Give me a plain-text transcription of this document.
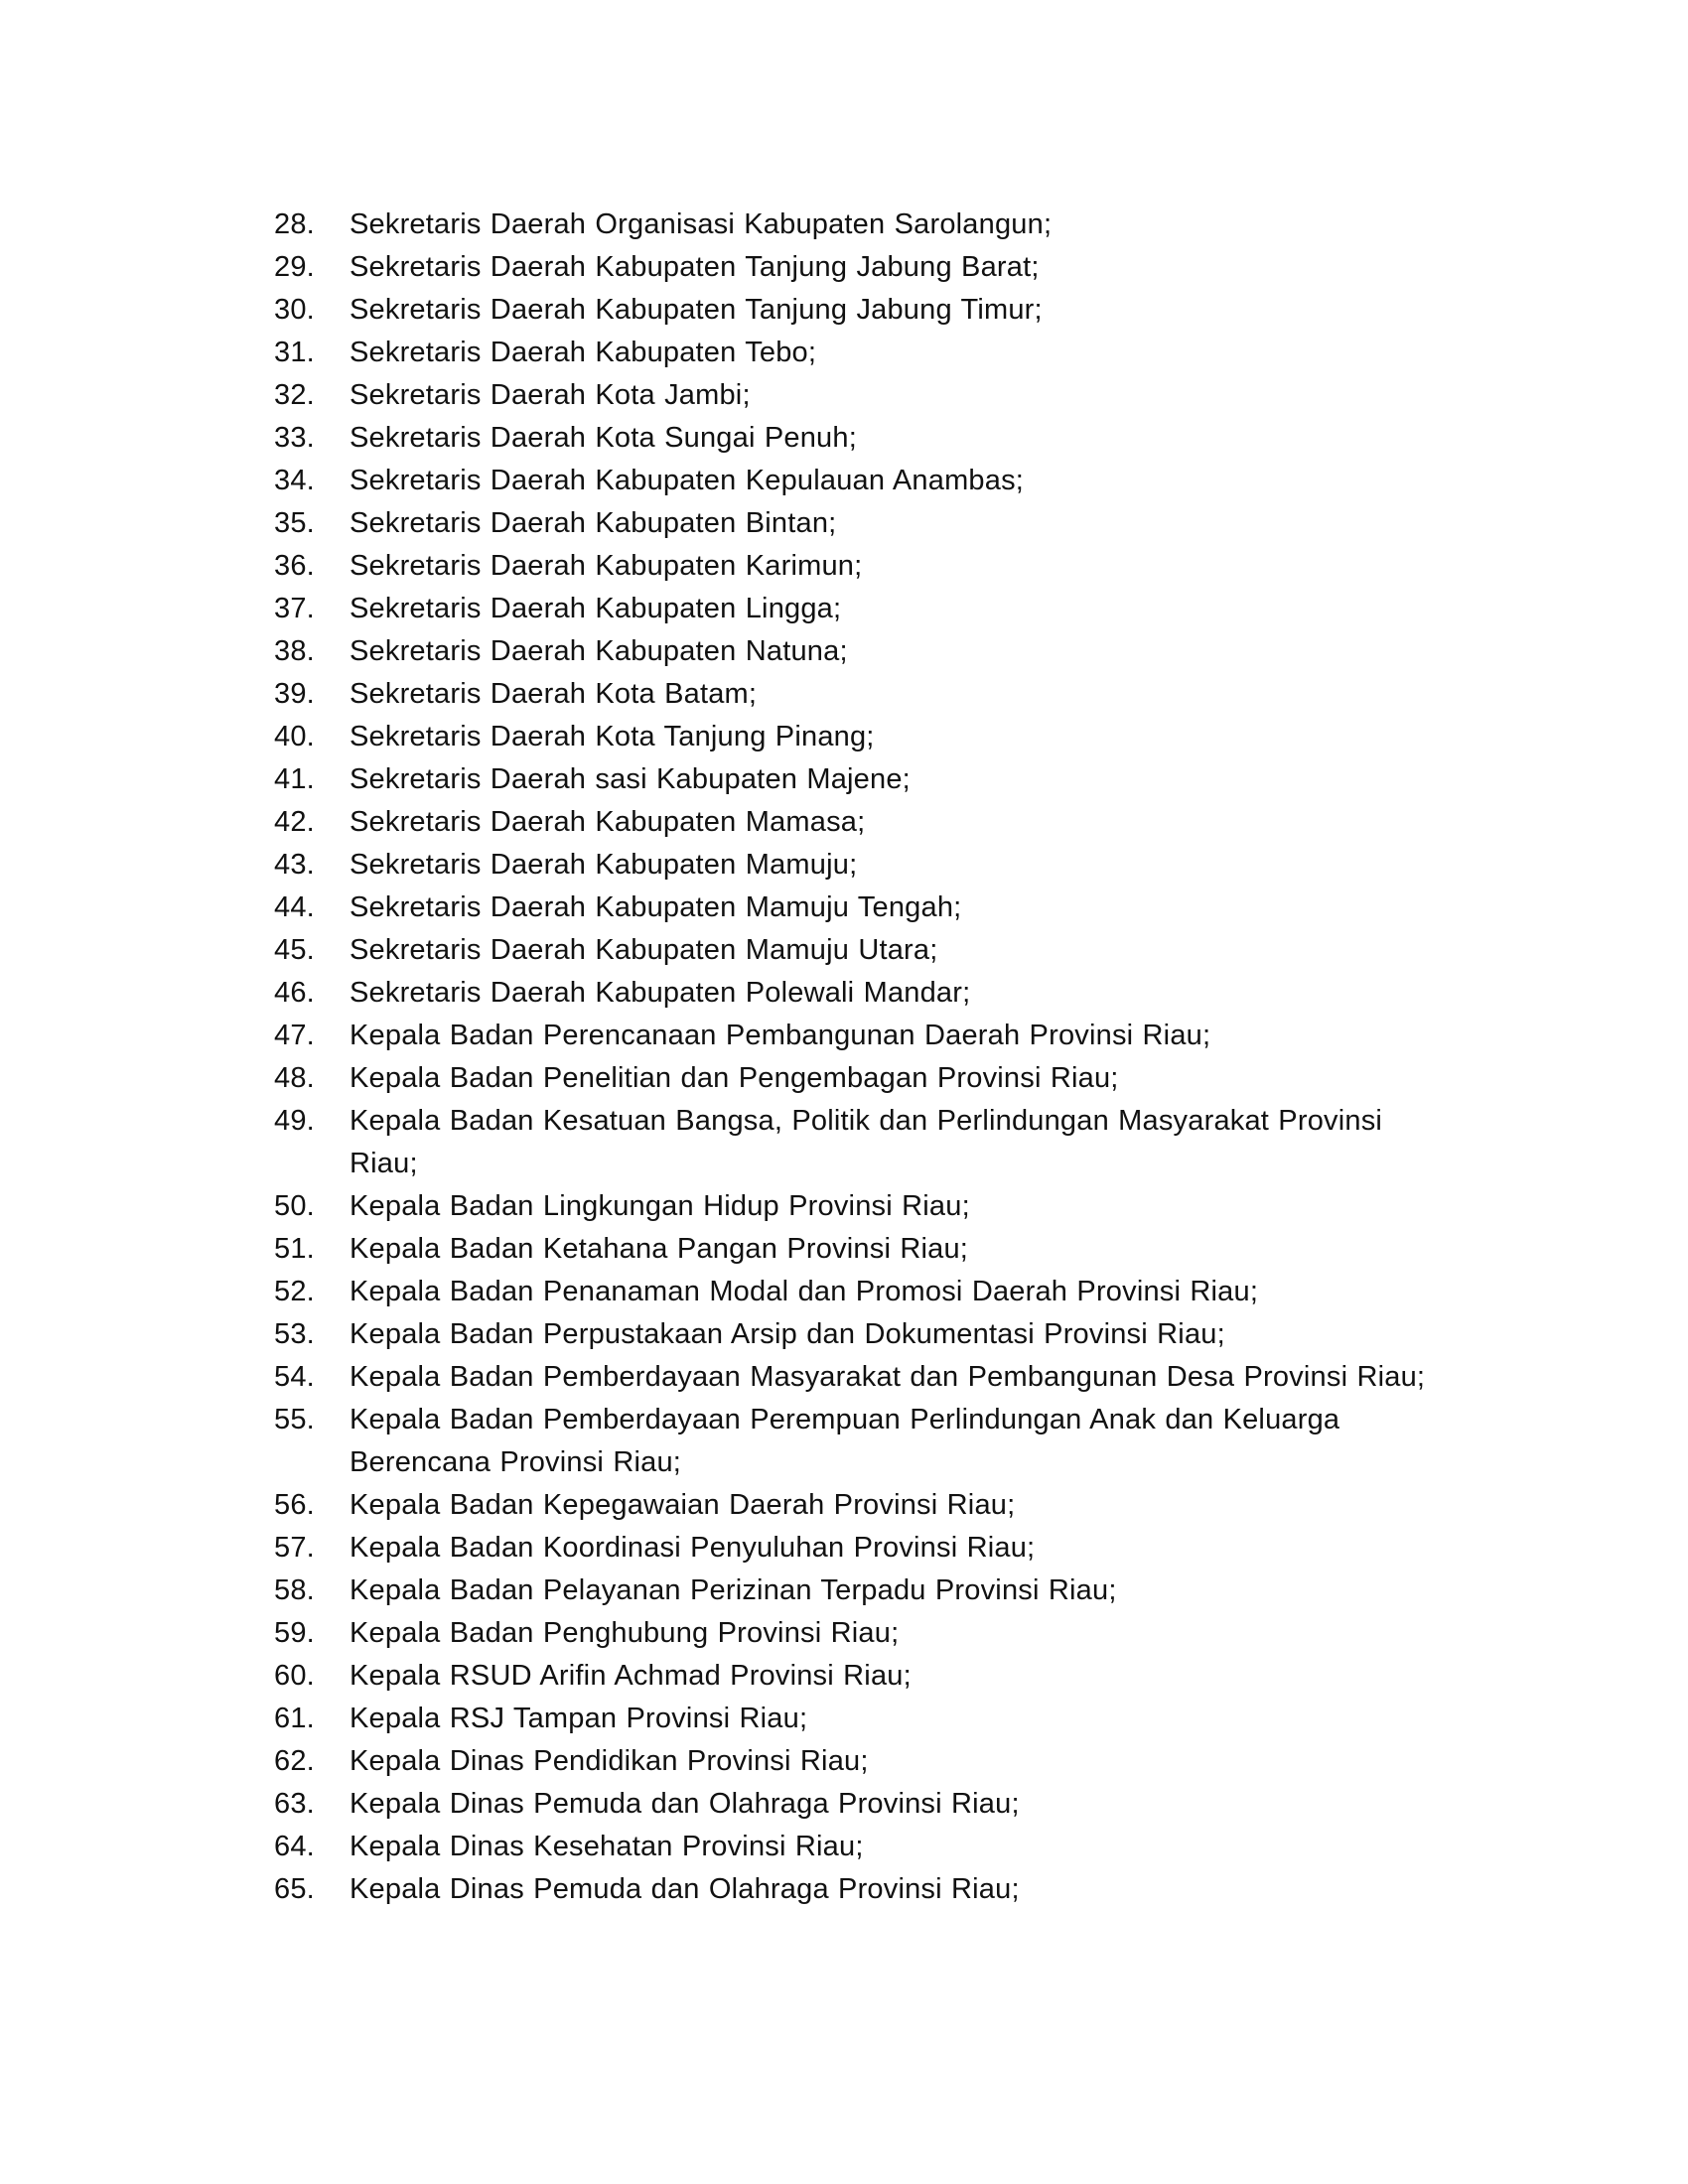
28.	Sekretaris Daerah Organisasi Kabupaten Sarolangun;
29.	Sekretaris Daerah Kabupaten Tanjung Jabung Barat;
30.	Sekretaris Daerah Kabupaten Tanjung Jabung Timur;
31.	Sekretaris Daerah Kabupaten Tebo;
32.	Sekretaris Daerah Kota Jambi;
33.	Sekretaris Daerah Kota Sungai Penuh;
34.	Sekretaris Daerah Kabupaten Kepulauan Anambas;
35.	Sekretaris Daerah Kabupaten Bintan;
36.	Sekretaris Daerah Kabupaten Karimun;
37.	Sekretaris Daerah Kabupaten Lingga;
38.	Sekretaris Daerah Kabupaten Natuna;
39.	Sekretaris Daerah Kota Batam;
40.	Sekretaris Daerah Kota Tanjung Pinang;
41.	Sekretaris Daerah sasi Kabupaten Majene;
42.	Sekretaris Daerah Kabupaten Mamasa;
43.	Sekretaris Daerah Kabupaten Mamuju;
44.	Sekretaris Daerah Kabupaten Mamuju Tengah;
45.	Sekretaris Daerah Kabupaten Mamuju Utara;
46.	Sekretaris Daerah Kabupaten Polewali Mandar;
47.	Kepala Badan Perencanaan Pembangunan Daerah Provinsi Riau;
48.	Kepala Badan Penelitian dan Pengembagan Provinsi Riau;
49.	Kepala Badan Kesatuan Bangsa, Politik dan Perlindungan Masyarakat Provinsi Riau;
50.	Kepala Badan Lingkungan Hidup Provinsi Riau;
51.	Kepala Badan Ketahana Pangan Provinsi Riau;
52.	Kepala Badan Penanaman Modal dan Promosi Daerah Provinsi Riau;
53.	Kepala Badan Perpustakaan Arsip dan Dokumentasi Provinsi Riau;
54.	Kepala Badan Pemberdayaan Masyarakat dan Pembangunan Desa Provinsi Riau;
55.	Kepala Badan Pemberdayaan Perempuan Perlindungan Anak dan Keluarga Berencana Provinsi Riau;
56.	Kepala Badan Kepegawaian Daerah Provinsi Riau;
57.	Kepala Badan Koordinasi Penyuluhan Provinsi Riau;
58.	Kepala Badan Pelayanan Perizinan Terpadu Provinsi Riau;
59.	Kepala Badan Penghubung Provinsi Riau;
60.	Kepala RSUD Arifin Achmad Provinsi Riau;
61.	Kepala RSJ Tampan Provinsi Riau;
62.	Kepala Dinas Pendidikan Provinsi Riau;
63.	Kepala Dinas Pemuda dan Olahraga Provinsi Riau;
64.	Kepala Dinas Kesehatan Provinsi Riau;
65.	Kepala Dinas Pemuda dan Olahraga Provinsi Riau;
